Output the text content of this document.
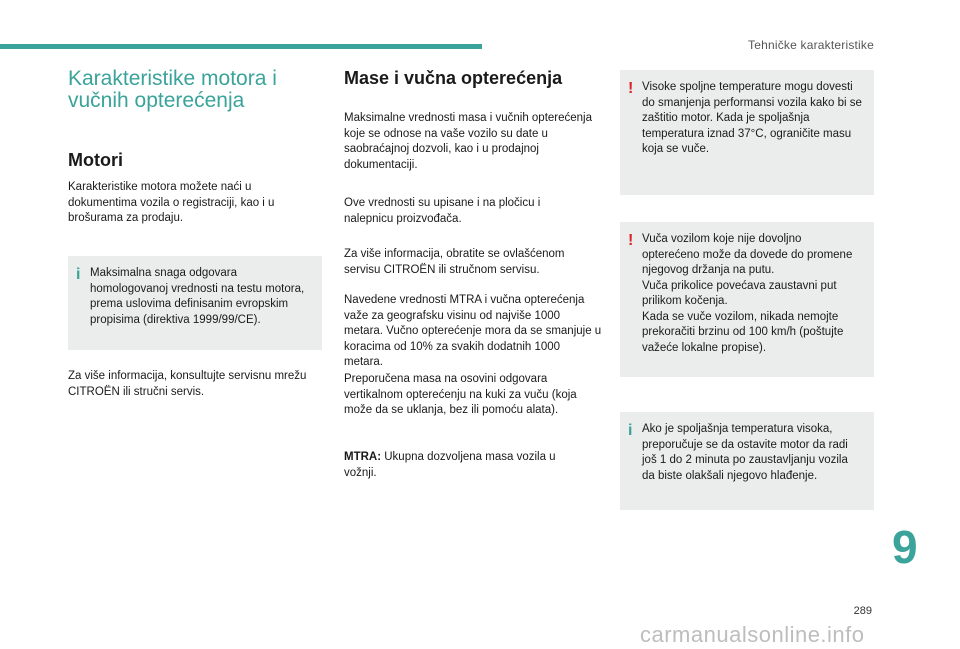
Tehničke karakteristike
Karakteristike motora i vučnih opterećenja
Motori

Karakteristike motora možete naći u dokumentima vozila o registraciji, kao i u brošurama za prodaju.

i Maksimalna snaga odgovara homologovanoj vrednosti na testu motora, prema uslovima definisanim evropskim propisima (direktiva 1999/99/CE).

Za više informacija, konsultujte servisnu mrežu CITROËN ili stručni servis.

Mase i vučna opterećenja

Maksimalne vrednosti masa i vučnih opterećenja koje se odnose na vaše vozilo su date u saobraćajnoj dozvoli, kao i u prodajnoj dokumentaciji.

Ove vrednosti su upisane i na pločicu i nalepnicu proizvođača.

Za više informacija, obratite se ovlašćenom servisu CITROËN ili stručnom servisu.

Navedene vrednosti MTRA i vučna opterećenja važe za geografsku visinu od najviše 1000 metara. Vučno opterećenje mora da se smanjuje u koracima od 10% za svakih dodatnih 1000 metara.

Preporučena masa na osovini odgovara vertikalnom opterećenju na kuki za vuču (koja može da se uklanja, bez ili pomoću alata).

MTRA: Ukupna dozvoljena masa vozila u vožnji.

! Visoke spoljne temperature mogu dovesti do smanjenja performansi vozila kako bi se zaštitio motor. Kada je spoljašnja temperatura iznad 37°C, ograničite masu koja se vuče.
! Vuča vozilom koje nije dovoljno opterećeno može da dovede do promene njegovog držanja na putu.
Vuča prikolice povećava zaustavni put prilikom kočenja.
Kada se vuče vozilom, nikada nemojte prekoračiti brzinu od 100 km/h (poštujte važeće lokalne propise).
i Ako je spoljašnja temperatura visoka, preporučuje se da ostavite motor da radi još 1 do 2 minuta po zaustavljanju vozila da biste olakšali njegovo hlađenje.
9
289
carmanualsonline.info
